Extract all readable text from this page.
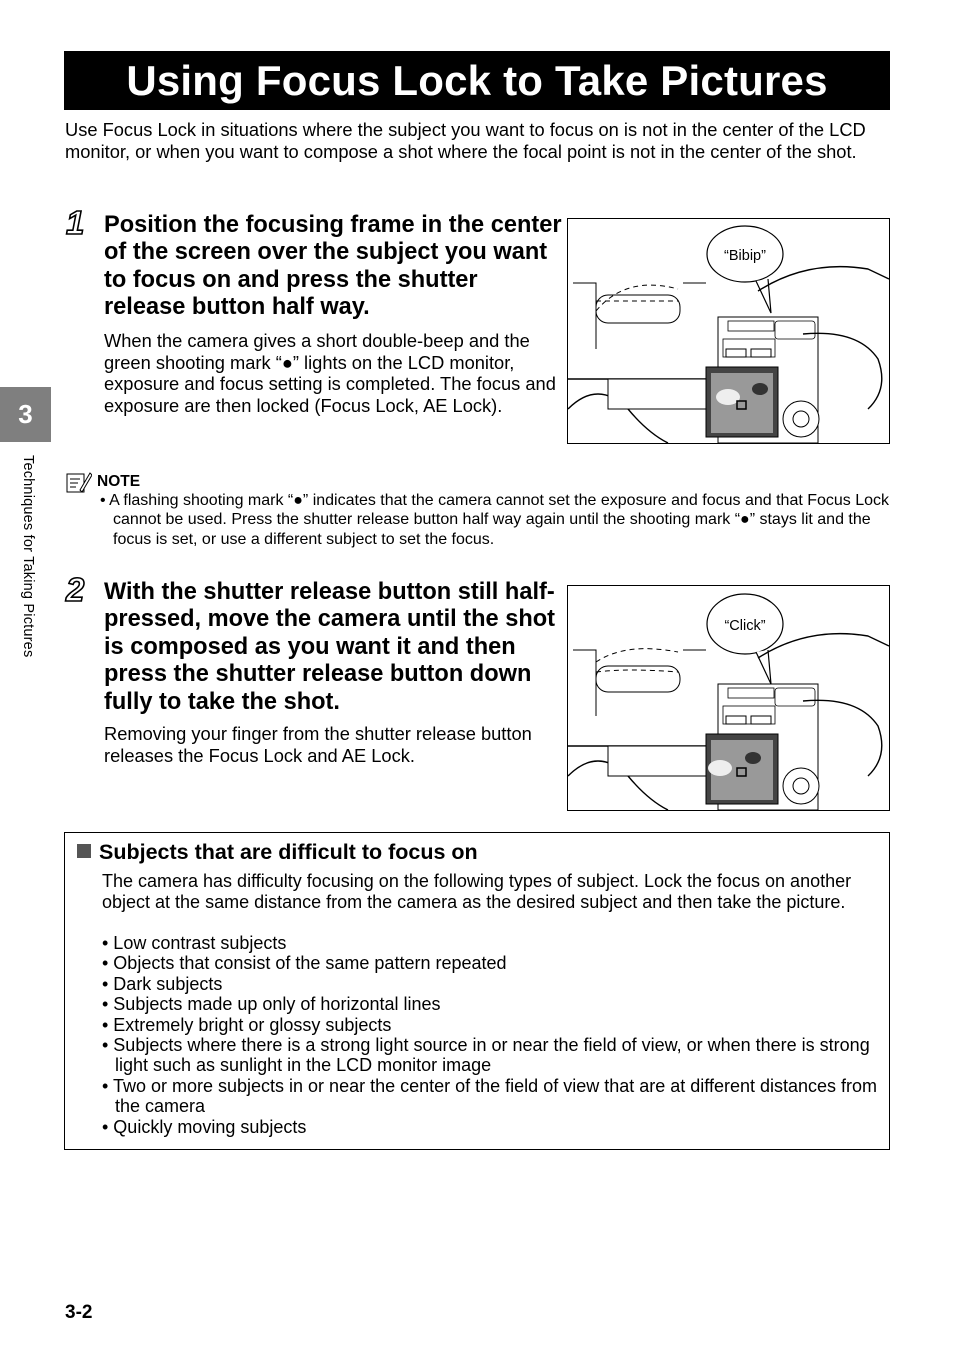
Using Focus Lock to Take Pictures

Use Focus Lock in situations where the subject you want to focus on is not in the center of the LCD monitor, or when you want to compose a shot where the focal point is not in the center of the shot.

3
Techniques for Taking Pictures
1 Position the focusing frame in the center of the screen over the subject you want to focus on and press the shutter release button half way.

When the camera gives a short double-beep and the green shooting mark “●” lights on the LCD monitor, exposure and focus setting is completed. The focus and exposure are then locked (Focus Lock, AE Lock).

“Bibip”
NOTE

• A flashing shooting mark “●” indicates that the camera cannot set the exposure and focus and that Focus Lock cannot be used. Press the shutter release button half way again until the shooting mark “●” stays lit and the focus is set, or use a different subject to set the focus.

2 With the shutter release button still half-pressed, move the camera until the shot is composed as you want it and then press the shutter release button down fully to take the shot.

Removing your finger from the shutter release button releases the Focus Lock and AE Lock.

“Click”
Subjects that are difficult to focus on

The camera has difficulty focusing on the following types of subject. Lock the focus on another object at the same distance from the camera as the desired subject and then take the picture.

• Low contrast subjects
• Objects that consist of the same pattern repeated
• Dark subjects
• Subjects made up only of horizontal lines
• Extremely bright or glossy subjects
• Subjects where there is a strong light source in or near the field of view, or when there is strong light such as sunlight in the LCD monitor image
• Two or more subjects in or near the center of the field of view that are at different distances from the camera
• Quickly moving subjects
3-2
